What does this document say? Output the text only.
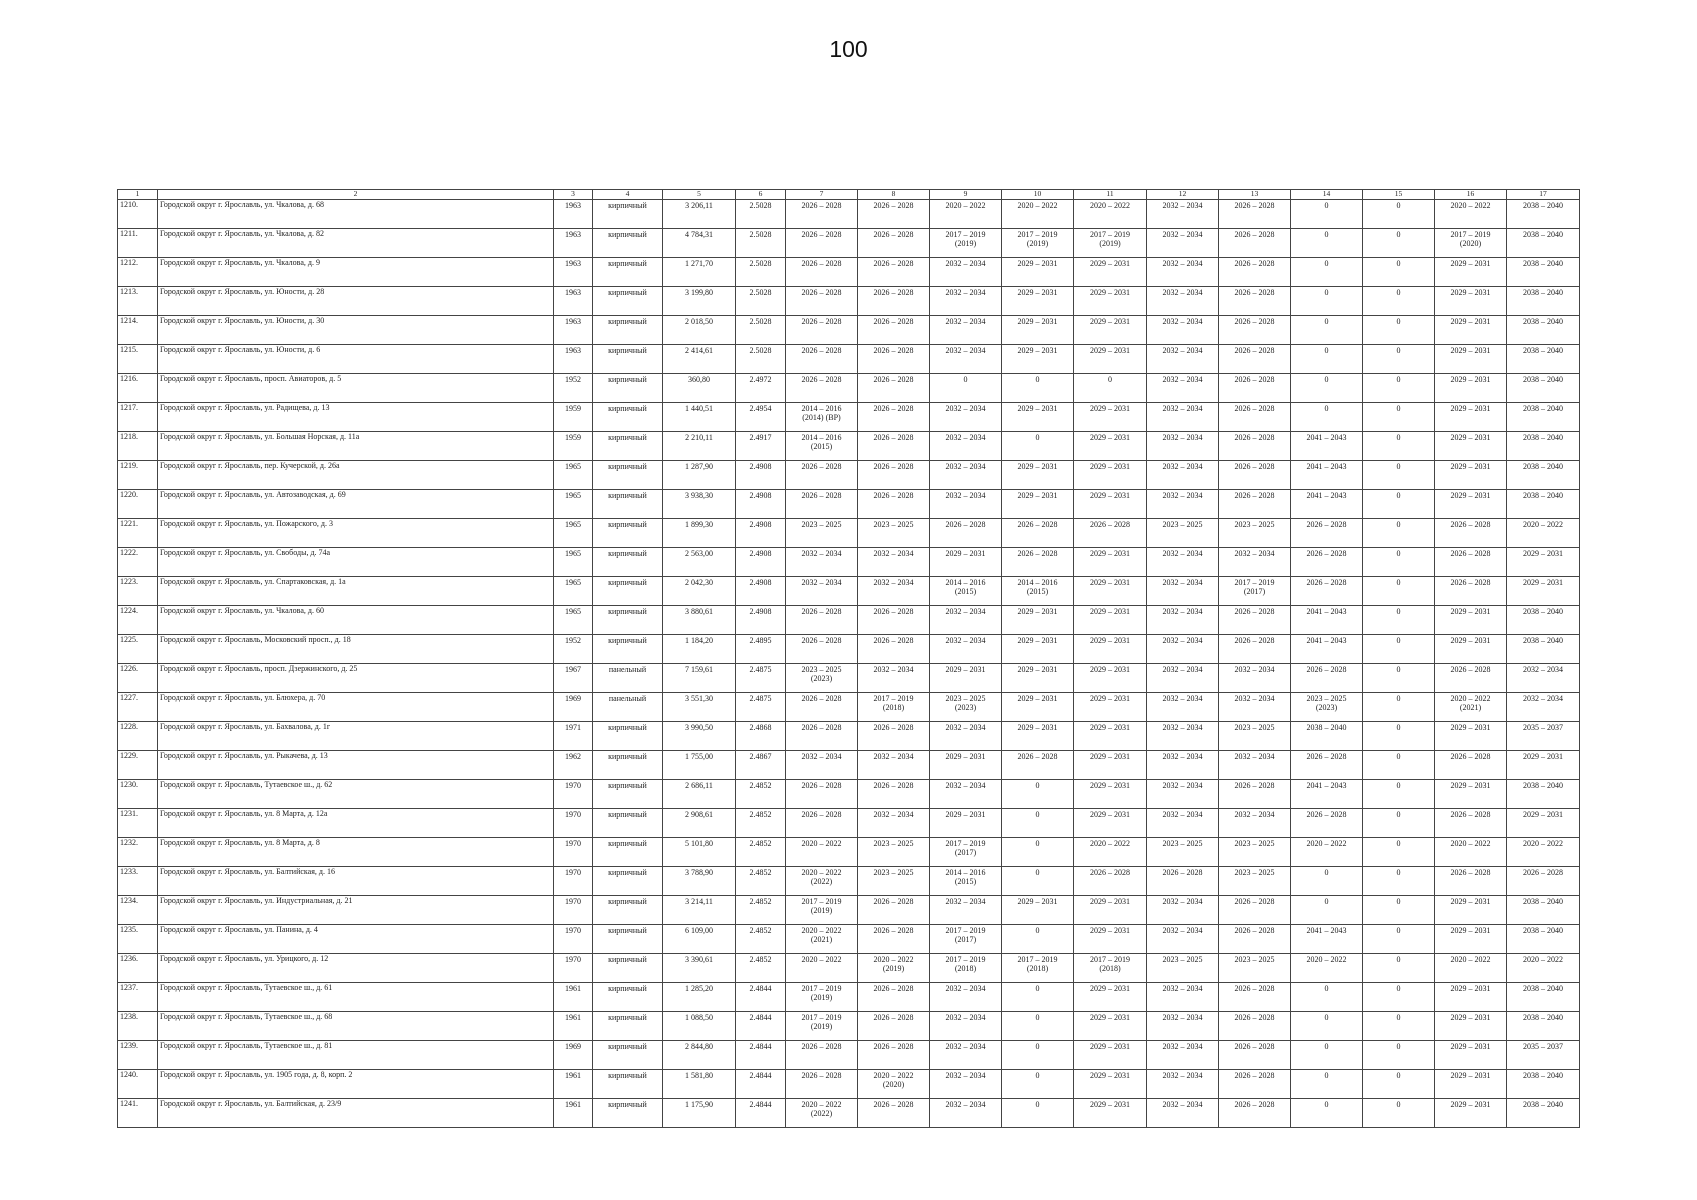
100
1	2	3	4	5	6	7	8	9	10	11	12	13	14	15	16	17

1210.	Городской округ г. Ярославль, ул. Чкалова, д. 68	1963	кирпичный	3 206,11	2.5028	2026 – 2028	2026 – 2028	2020 – 2022	2020 – 2022	2020 – 2022	2032 – 2034	2026 – 2028	0	0	2020 – 2022	2038 – 2040

1211.	Городской округ г. Ярославль, ул. Чкалова, д. 82	1963	кирпичный	4 784,31	2.5028	2026 – 2028	2026 – 2028	2017 – 2019
(2019)	2017 – 2019
(2019)	2017 – 2019
(2019)	2032 – 2034	2026 – 2028	0	0	2017 – 2019
(2020)	2038 – 2040

1212.	Городской округ г. Ярославль, ул. Чкалова, д. 9	1963	кирпичный	1 271,70	2.5028	2026 – 2028	2026 – 2028	2032 – 2034	2029 – 2031	2029 – 2031	2032 – 2034	2026 – 2028	0	0	2029 – 2031	2038 – 2040

1213.	Городской округ г. Ярославль, ул. Юности, д. 28	1963	кирпичный	3 199,80	2.5028	2026 – 2028	2026 – 2028	2032 – 2034	2029 – 2031	2029 – 2031	2032 – 2034	2026 – 2028	0	0	2029 – 2031	2038 – 2040

1214.	Городской округ г. Ярославль, ул. Юности, д. 30	1963	кирпичный	2 018,50	2.5028	2026 – 2028	2026 – 2028	2032 – 2034	2029 – 2031	2029 – 2031	2032 – 2034	2026 – 2028	0	0	2029 – 2031	2038 – 2040

1215.	Городской округ г. Ярославль, ул. Юности, д. 6	1963	кирпичный	2 414,61	2.5028	2026 – 2028	2026 – 2028	2032 – 2034	2029 – 2031	2029 – 2031	2032 – 2034	2026 – 2028	0	0	2029 – 2031	2038 – 2040

1216.	Городской округ г. Ярославль, просп. Авиаторов, д. 5	1952	кирпичный	360,80	2.4972	2026 – 2028	2026 – 2028	0	0	0	2032 – 2034	2026 – 2028	0	0	2029 – 2031	2038 – 2040

1217.	Городской округ г. Ярославль, ул. Радищева, д. 13	1959	кирпичный	1 440,51	2.4954	2014 – 2016
(2014) (ВР)	2026 – 2028	2032 – 2034	2029 – 2031	2029 – 2031	2032 – 2034	2026 – 2028	0	0	2029 – 2031	2038 – 2040

1218.	Городской округ г. Ярославль, ул. Большая Норская, д. 11а	1959	кирпичный	2 210,11	2.4917	2014 – 2016
(2015)	2026 – 2028	2032 – 2034	0	2029 – 2031	2032 – 2034	2026 – 2028	2041 – 2043	0	2029 – 2031	2038 – 2040

1219.	Городской округ г. Ярославль, пер. Кучерской, д. 26а	1965	кирпичный	1 287,90	2.4908	2026 – 2028	2026 – 2028	2032 – 2034	2029 – 2031	2029 – 2031	2032 – 2034	2026 – 2028	2041 – 2043	0	2029 – 2031	2038 – 2040

1220.	Городской округ г. Ярославль, ул. Автозаводская, д. 69	1965	кирпичный	3 938,30	2.4908	2026 – 2028	2026 – 2028	2032 – 2034	2029 – 2031	2029 – 2031	2032 – 2034	2026 – 2028	2041 – 2043	0	2029 – 2031	2038 – 2040

1221.	Городской округ г. Ярославль, ул. Пожарского, д. 3	1965	кирпичный	1 899,30	2.4908	2023 – 2025	2023 – 2025	2026 – 2028	2026 – 2028	2026 – 2028	2023 – 2025	2023 – 2025	2026 – 2028	0	2026 – 2028	2020 – 2022

1222.	Городской округ г. Ярославль, ул. Свободы, д. 74а	1965	кирпичный	2 563,00	2.4908	2032 – 2034	2032 – 2034	2029 – 2031	2026 – 2028	2029 – 2031	2032 – 2034	2032 – 2034	2026 – 2028	0	2026 – 2028	2029 – 2031

1223.	Городской округ г. Ярославль, ул. Спартаковская, д. 1а	1965	кирпичный	2 042,30	2.4908	2032 – 2034	2032 – 2034	2014 – 2016
(2015)	2014 – 2016
(2015)	2029 – 2031	2032 – 2034	2017 – 2019
(2017)	2026 – 2028	0	2026 – 2028	2029 – 2031

1224.	Городской округ г. Ярославль, ул. Чкалова, д. 60	1965	кирпичный	3 880,61	2.4908	2026 – 2028	2026 – 2028	2032 – 2034	2029 – 2031	2029 – 2031	2032 – 2034	2026 – 2028	2041 – 2043	0	2029 – 2031	2038 – 2040

1225.	Городской округ г. Ярославль, Московский просп., д. 18	1952	кирпичный	1 184,20	2.4895	2026 – 2028	2026 – 2028	2032 – 2034	2029 – 2031	2029 – 2031	2032 – 2034	2026 – 2028	2041 – 2043	0	2029 – 2031	2038 – 2040

1226.	Городской округ г. Ярославль, просп. Дзержинского, д. 25	1967	панельный	7 159,61	2.4875	2023 – 2025
(2023)	2032 – 2034	2029 – 2031	2029 – 2031	2029 – 2031	2032 – 2034	2032 – 2034	2026 – 2028	0	2026 – 2028	2032 – 2034

1227.	Городской округ г. Ярославль, ул. Блюхера, д. 70	1969	панельный	3 551,30	2.4875	2026 – 2028	2017 – 2019
(2018)	2023 – 2025
(2023)	2029 – 2031	2029 – 2031	2032 – 2034	2032 – 2034	2023 – 2025
(2023)	0	2020 – 2022
(2021)	2032 – 2034

1228.	Городской округ г. Ярославль, ул. Бахвалова, д. 1г	1971	кирпичный	3 990,50	2.4868	2026 – 2028	2026 – 2028	2032 – 2034	2029 – 2031	2029 – 2031	2032 – 2034	2023 – 2025	2038 – 2040	0	2029 – 2031	2035 – 2037

1229.	Городской округ г. Ярославль, ул. Рыкачева, д. 13	1962	кирпичный	1 755,00	2.4867	2032 – 2034	2032 – 2034	2029 – 2031	2026 – 2028	2029 – 2031	2032 – 2034	2032 – 2034	2026 – 2028	0	2026 – 2028	2029 – 2031

1230.	Городской округ г. Ярославль, Тутаевское ш., д. 62	1970	кирпичный	2 686,11	2.4852	2026 – 2028	2026 – 2028	2032 – 2034	0	2029 – 2031	2032 – 2034	2026 – 2028	2041 – 2043	0	2029 – 2031	2038 – 2040

1231.	Городской округ г. Ярославль, ул. 8 Марта, д. 12а	1970	кирпичный	2 908,61	2.4852	2026 – 2028	2032 – 2034	2029 – 2031	0	2029 – 2031	2032 – 2034	2032 – 2034	2026 – 2028	0	2026 – 2028	2029 – 2031

1232.	Городской округ г. Ярославль, ул. 8 Марта, д. 8	1970	кирпичный	5 101,80	2.4852	2020 – 2022	2023 – 2025	2017 – 2019
(2017)	0	2020 – 2022	2023 – 2025	2023 – 2025	2020 – 2022	0	2020 – 2022	2020 – 2022

1233.	Городской округ г. Ярославль, ул. Балтийская, д. 16	1970	кирпичный	3 788,90	2.4852	2020 – 2022
(2022)	2023 – 2025	2014 – 2016
(2015)	0	2026 – 2028	2026 – 2028	2023 – 2025	0	0	2026 – 2028	2026 – 2028

1234.	Городской округ г. Ярославль, ул. Индустриальная, д. 21	1970	кирпичный	3 214,11	2.4852	2017 – 2019
(2019)	2026 – 2028	2032 – 2034	2029 – 2031	2029 – 2031	2032 – 2034	2026 – 2028	0	0	2029 – 2031	2038 – 2040

1235.	Городской округ г. Ярославль, ул. Панина, д. 4	1970	кирпичный	6 109,00	2.4852	2020 – 2022
(2021)	2026 – 2028	2017 – 2019
(2017)	0	2029 – 2031	2032 – 2034	2026 – 2028	2041 – 2043	0	2029 – 2031	2038 – 2040

1236.	Городской округ г. Ярославль, ул. Урицкого, д. 12	1970	кирпичный	3 390,61	2.4852	2020 – 2022	2020 – 2022
(2019)	2017 – 2019
(2018)	2017 – 2019
(2018)	2017 – 2019
(2018)	2023 – 2025	2023 – 2025	2020 – 2022	0	2020 – 2022	2020 – 2022

1237.	Городской округ г. Ярославль, Тутаевское ш., д. 61	1961	кирпичный	1 285,20	2.4844	2017 – 2019
(2019)	2026 – 2028	2032 – 2034	0	2029 – 2031	2032 – 2034	2026 – 2028	0	0	2029 – 2031	2038 – 2040

1238.	Городской округ г. Ярославль, Тутаевское ш., д. 68	1961	кирпичный	1 088,50	2.4844	2017 – 2019
(2019)	2026 – 2028	2032 – 2034	0	2029 – 2031	2032 – 2034	2026 – 2028	0	0	2029 – 2031	2038 – 2040

1239.	Городской округ г. Ярославль, Тутаевское ш., д. 81	1969	кирпичный	2 844,80	2.4844	2026 – 2028	2026 – 2028	2032 – 2034	0	2029 – 2031	2032 – 2034	2026 – 2028	0	0	2029 – 2031	2035 – 2037

1240.	Городской округ г. Ярославль, ул. 1905 года, д. 8, корп. 2	1961	кирпичный	1 581,80	2.4844	2026 – 2028	2020 – 2022
(2020)	2032 – 2034	0	2029 – 2031	2032 – 2034	2026 – 2028	0	0	2029 – 2031	2038 – 2040

1241.	Городской округ г. Ярославль, ул. Балтийская, д. 23/9	1961	кирпичный	1 175,90	2.4844	2020 – 2022
(2022)	2026 – 2028	2032 – 2034	0	2029 – 2031	2032 – 2034	2026 – 2028	0	0	2029 – 2031	2038 – 2040
